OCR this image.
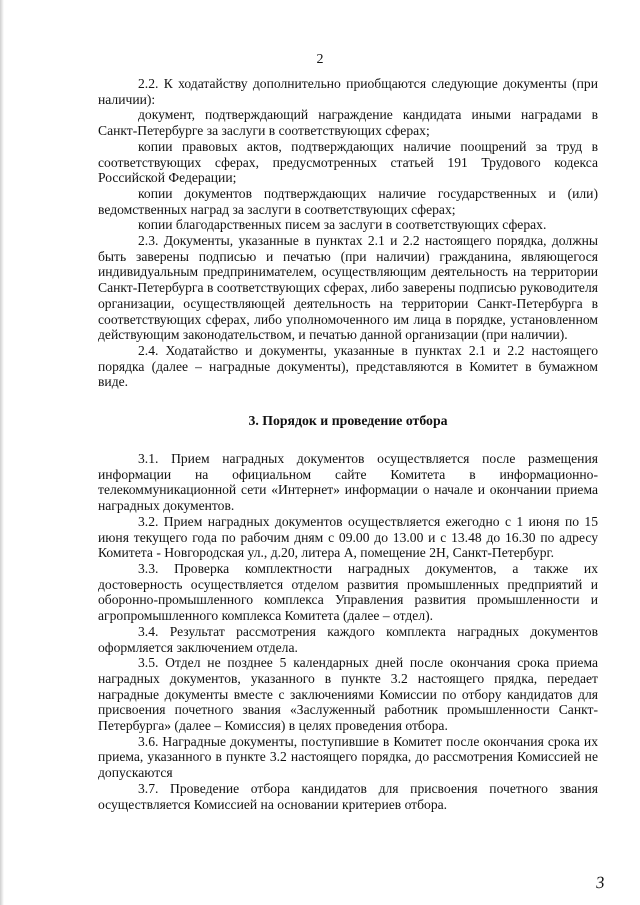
2

2.2. К ходатайству дополнительно приобщаются следующие документы (при наличии):

документ, подтверждающий награждение кандидата иными наградами в Санкт-Петербурге за заслуги в соответствующих сферах;

копии правовых актов, подтверждающих наличие поощрений за труд в соответствующих сферах, предусмотренных статьей 191 Трудового кодекса Российской Федерации;

копии документов подтверждающих наличие государственных и (или) ведомственных наград за заслуги в соответствующих сферах;

копии благодарственных писем за заслуги в соответствующих сферах.

2.3. Документы, указанные в пунктах 2.1 и 2.2 настоящего порядка, должны быть заверены подписью и печатью (при наличии) гражданина, являющегося индивидуальным предпринимателем, осуществляющим деятельность на территории Санкт-Петербурга в соответствующих сферах, либо заверены подписью руководителя организации, осуществляющей деятельность на территории Санкт-Петербурга в соответствующих сферах, либо уполномоченного им лица в порядке, установленном действующим законодательством, и печатью данной организации (при наличии).

2.4. Ходатайство и документы, указанные в пунктах 2.1 и 2.2 настоящего порядка (далее – наградные документы), представляются в Комитет в бумажном виде.

3. Порядок и проведение отбора

3.1. Прием наградных документов осуществляется после размещения информации на официальном сайте Комитета в информационно-телекоммуникационной сети «Интернет» информации о начале и окончании приема наградных документов.

3.2. Прием наградных документов осуществляется ежегодно с 1 июня по 15 июня текущего года по рабочим дням с 09.00 до 13.00 и с 13.48 до 16.30 по адресу Комитета - Новгородская ул., д.20, литера А, помещение 2Н, Санкт-Петербург.

3.3. Проверка комплектности наградных документов, а также их достоверность осуществляется отделом развития промышленных предприятий и оборонно-промышленного комплекса Управления развития промышленности и агропромышленного комплекса Комитета (далее – отдел).

3.4. Результат рассмотрения каждого комплекта наградных документов оформляется заключением отдела.

3.5. Отдел не позднее 5 календарных дней после окончания срока приема наградных документов, указанного в пункте 3.2 настоящего прядка, передает наградные документы вместе с заключениями Комиссии по отбору кандидатов для присвоения почетного звания «Заслуженный работник промышленности Санкт-Петербурга» (далее – Комиссия) в целях проведения отбора.

3.6. Наградные документы, поступившие в Комитет после окончания срока их приема, указанного в пункте 3.2 настоящего порядка, до рассмотрения Комиссией не допускаются

3.7. Проведение отбора кандидатов для присвоения почетного звания осуществляется Комиссией на основании критериев отбора.

3
